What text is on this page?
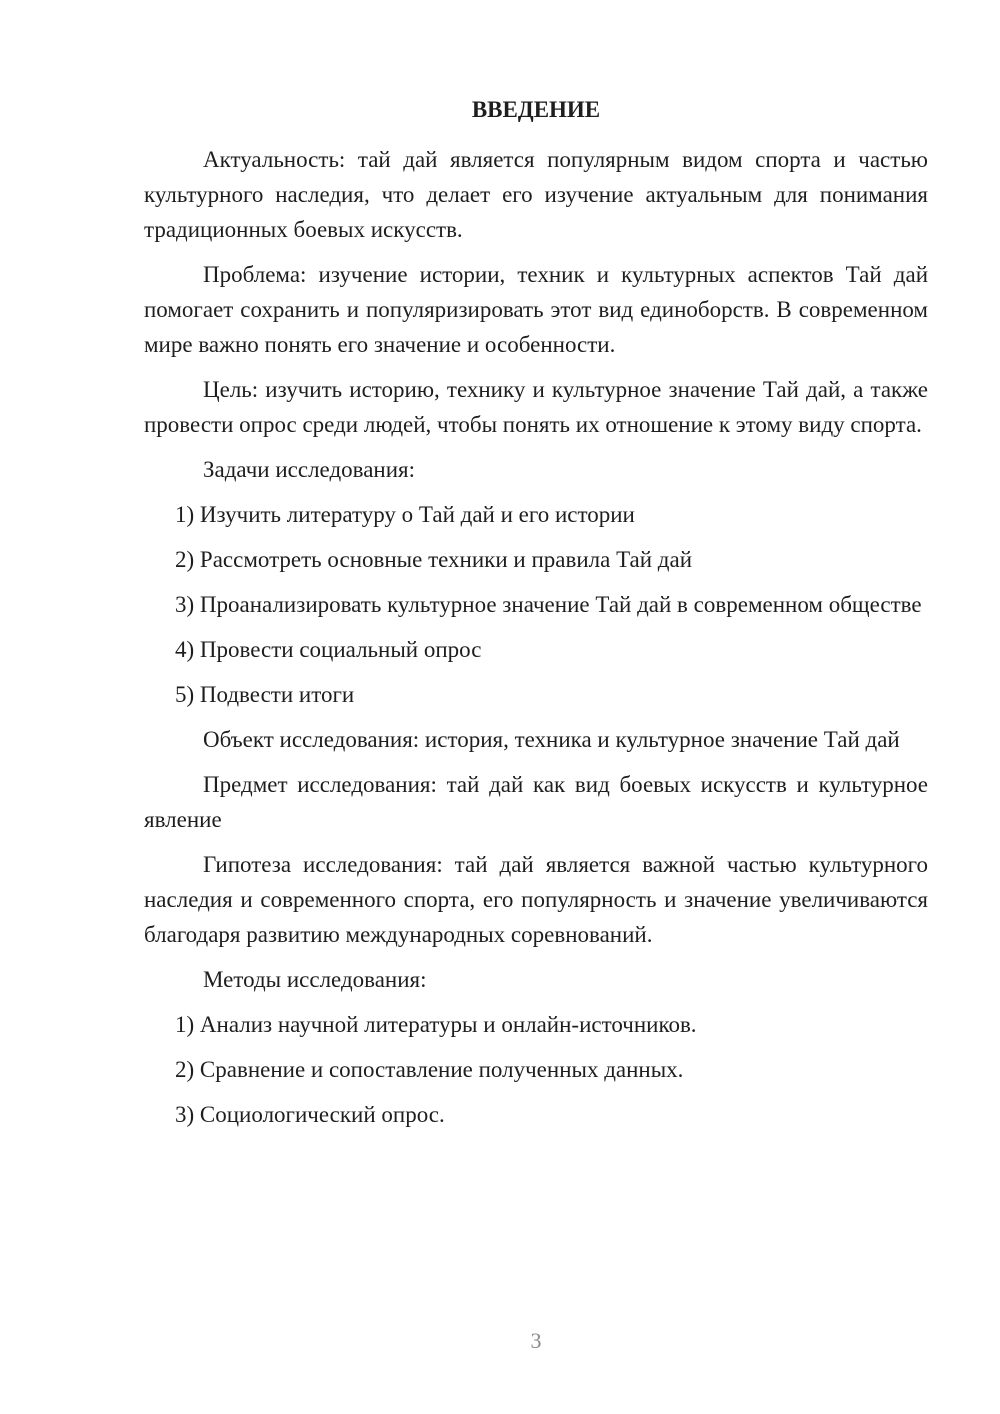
ВВЕДЕНИЕ
Актуальность: тай дай является популярным видом спорта и частью культурного наследия, что делает его изучение актуальным для понимания традиционных боевых искусств.
Проблема: изучение истории, техник и культурных аспектов Тай дай помогает сохранить и популяризировать этот вид единоборств. В современном мире важно понять его значение и особенности.
Цель: изучить историю, технику и культурное значение Тай дай, а также провести опрос среди людей, чтобы понять их отношение к этому виду спорта.
Задачи исследования:
1) Изучить литературу о Тай дай и его истории
2) Рассмотреть основные техники и правила Тай дай
3) Проанализировать культурное значение Тай дай в современном обществе
4) Провести социальный опрос
5) Подвести итоги
Объект исследования: история, техника и культурное значение Тай дай
Предмет исследования: тай дай как вид боевых искусств и культурное явление
Гипотеза исследования: тай дай является важной частью культурного наследия и современного спорта, его популярность и значение увеличиваются благодаря развитию международных соревнований.
Методы исследования:
1) Анализ научной литературы и онлайн-источников.
2) Сравнение и сопоставление полученных данных.
3) Социологический опрос.
3
